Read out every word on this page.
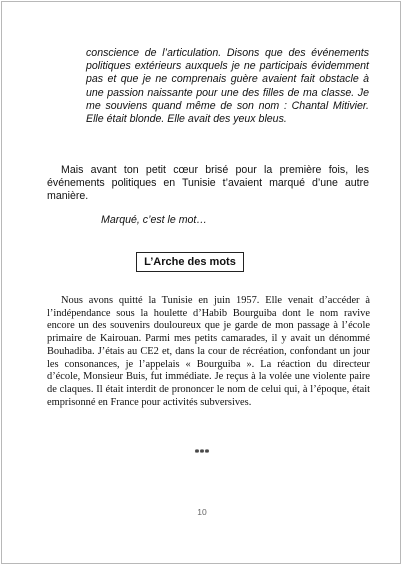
conscience de l’articulation. Disons que des événements politiques extérieurs auxquels je ne participais évidemment pas et que je ne comprenais guère avaient fait obstacle à une passion naissante pour une des filles de ma classe. Je me souviens quand même de son nom : Chantal Mitivier. Elle était blonde. Elle avait des yeux bleus.

Mais avant ton petit cœur brisé pour la première fois, les événements politiques en Tunisie t’avaient marqué d’une autre manière.

Marqué, c’est le mot…

L’Arche des mots

Nous avons quitté la Tunisie en juin 1957. Elle venait d’accéder à l’indépendance sous la houlette d’Habib Bourguiba dont le nom ravive encore un des souvenirs douloureux que je garde de mon passage à l’école primaire de Kairouan. Parmi mes petits camarades, il y avait un dénommé Bouhadiba. J’étais au CE2 et, dans la cour de récréation, confondant un jour les consonances, je l’appelais « Bourguiba ». La réaction du directeur d’école, Monsieur Buis, fut immédiate. Je reçus à la volée une violente paire de claques. Il était interdit de prononcer le nom de celui qui, à l’époque, était emprisonné en France pour activités subversives.

***
10
